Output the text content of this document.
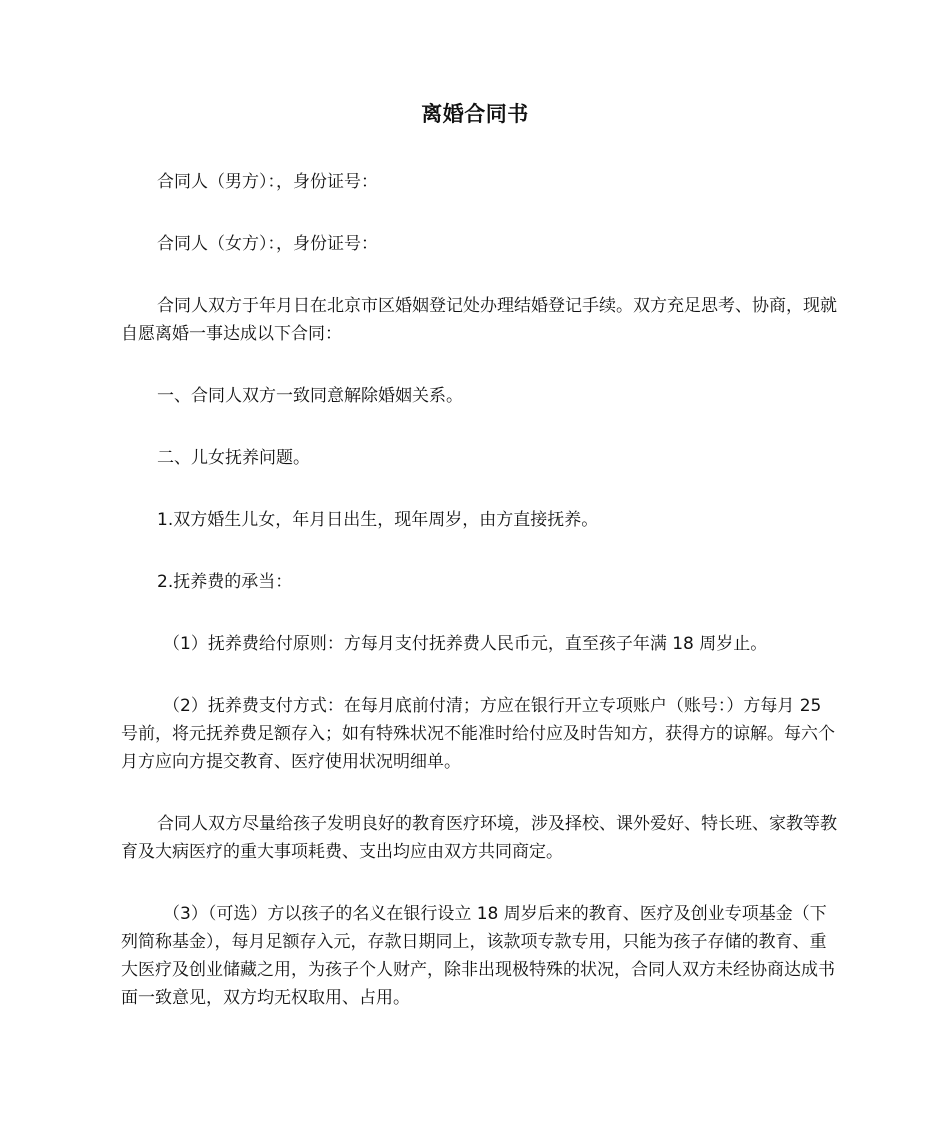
离婚合同书

合同人（男方）：，身份证号：

合同人（女方）：，身份证号：

合同人双方于年月日在北京市区婚姻登记处办理结婚登记手续。双方充足思考、协商，现就自愿离婚一事达成以下合同：

一、合同人双方一致同意解除婚姻关系。

二、儿女抚养问题。

1.双方婚生儿女，年月日出生，现年周岁，由方直接抚养。

2.抚养费的承当：

（1）抚养费给付原则：方每月支付抚养费人民币元，直至孩子年满 18 周岁止。

（2）抚养费支付方式：在每月底前付清；方应在银行开立专项账户（账号：）方每月 25 号前，将元抚养费足额存入；如有特殊状况不能准时给付应及时告知方，获得方的谅解。每六个月方应向方提交教育、医疗使用状况明细单。

合同人双方尽量给孩子发明良好的教育医疗环境，涉及择校、课外爱好、特长班、家教等教育及大病医疗的重大事项耗费、支出均应由双方共同商定。

（3）（可选）方以孩子的名义在银行设立 18 周岁后来的教育、医疗及创业专项基金（下列简称基金），每月足额存入元，存款日期同上，该款项专款专用，只能为孩子存储的教育、重大医疗及创业储藏之用，为孩子个人财产，除非出现极特殊的状况，合同人双方未经协商达成书面一致意见，双方均无权取用、占用。
